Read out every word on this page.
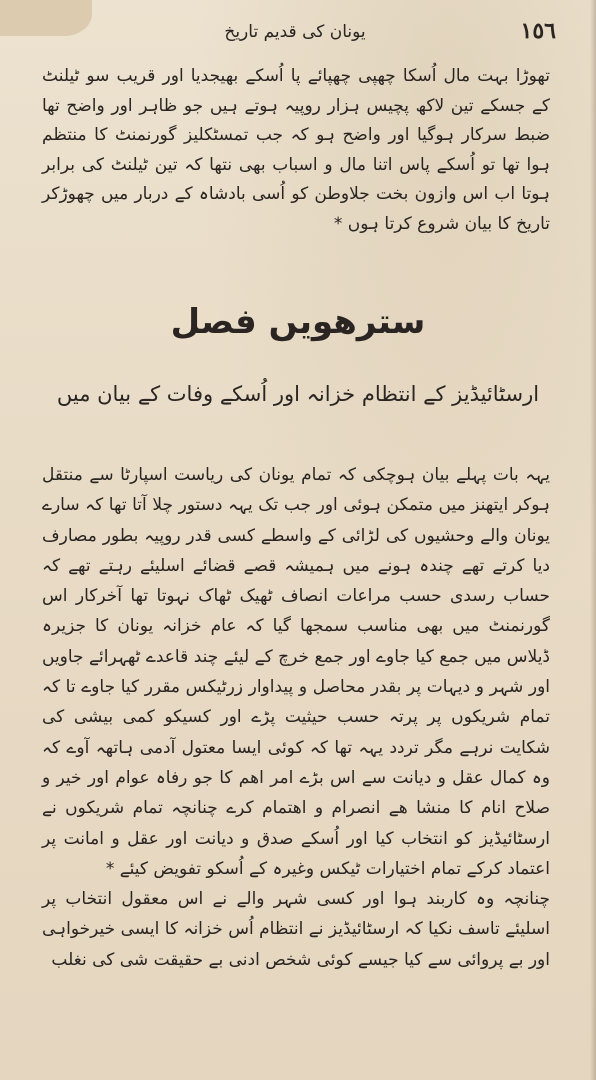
١٥٦
یونان کی قدیم تاریخ

تھوڑا بہت مال اُسکا چھپی چھپائے پا اُسکے بھیجدیا اور قریب سو ٹیلنٹ کے جسکے تین لاکھ پچیس ہزار روپیہ ہوتے ہیں جو ظاہر اور واضح تھا ضبط سرکار ہوگیا اور واضح ہو کہ جب تمسٹکلیز گورنمنٹ کا منتظم ہوا تھا تو اُسکے پاس اتنا مال و اسباب بھی نتھا کہ تین ٹیلنٹ کی برابر ہوتا اب اس وازون بخت جلاوطن کو اُسی بادشاہ کے دربار میں چھوڑکر تاریخ کا بیان شروع کرتا ہوں *

سترھویں فصل
ارسٹائیڈیز کے انتظام خزانہ اور اُسکے وفات کے بیان میں

یہہ بات پہلے بیان ہوچکی کہ تمام یونان کی ریاست اسپارٹا سے منتقل ہوکر ایتھنز میں متمکن ہوئی اور جب تک یہہ دستور چلا آتا تھا کہ سارے یونان والے وحشیوں کی لڑائی کے واسطے کسی قدر روپیہ بطور مصارف دیا کرتے تھے چندہ ہونے میں ہمیشہ قصے قضائے اسلیئے رہتے تھے کہ حساب رسدی حسب مراعات انصاف ٹھیک ٹھاک نہوتا تھا آخرکار اس گورنمنٹ میں بھی مناسب سمجھا گیا کہ عام خزانہ یونان کا جزیرہ ڈیلاس میں جمع کیا جاوے اور جمع خرچ کے لیئے چند قاعدے ٹھہرائے جاویں اور شہر و دیہات پر بقدر محاصل و پیداوار زرٹیکس مقرر کیا جاوے تا کہ تمام شریکوں پر پرتہ حسب حیثیت پڑے اور کسیکو کمی بیشی کی شکایت نرہے مگر تردد یہہ تھا کہ کوئی ایسا معتول آدمی ہاتھہ آوے کہ وہ کمال عقل و دیانت سے اس بڑے امر اھم کا جو رفاہ عوام اور خیر و صلاح انام کا منشا ھے انصرام و اھتمام کرے چنانچہ تمام شریکوں نے ارسٹائیڈیز کو انتخاب کیا اور اُسکے صدق و دیانت اور عقل و امانت پر اعتماد کرکے تمام اختیارات ٹیکس وغیرہ کے اُسکو تفویض کیئے *

چنانچہ وہ کاربند ہوا اور کسی شہر والے نے اس معقول انتخاب پر اسلیئے تاسف نکیا کہ ارسٹائیڈیز نے انتظام اُس خزانہ کا ایسی خیرخواہی اور بے پروائی سے کیا جیسے کوئی شخص ادنی بے حقیقت شی کی نغلب
